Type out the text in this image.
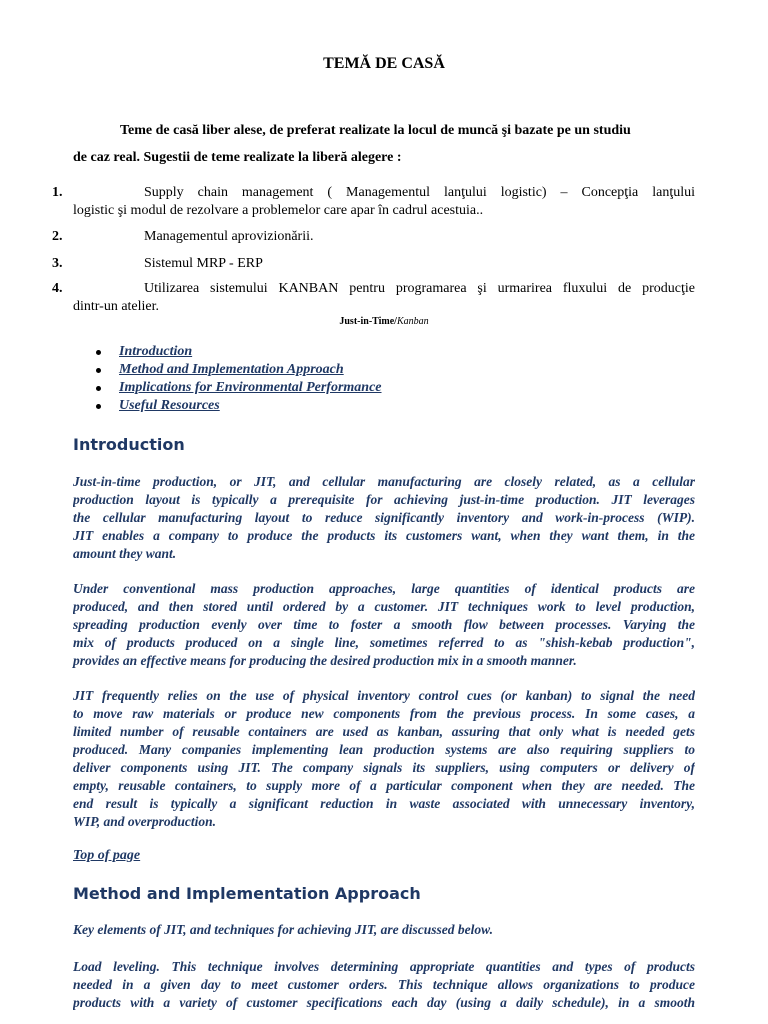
TEMĂ DE CASĂ
Teme de casă liber alese, de preferat realizate la locul de muncă şi bazate pe un studiu
de caz real. Sugestii de teme realizate la liberă alegere :
1.	Supply chain management ( Managementul lanţului logistic) – Concepţia lanţului
logistic şi modul de rezolvare a problemelor care apar în cadrul acestuia..
2.	Managementul aprovizionării.
3.	Sistemul MRP - ERP
4.	Utilizarea sistemului KANBAN pentru programarea şi urmarirea fluxului de producţie
dintr-un atelier.
Just-in-Time/Kanban
Introduction
Method and Implementation Approach
Implications for Environmental Performance
Useful Resources
Introduction
Just-in-time production, or JIT, and cellular manufacturing are closely related, as a cellular
production layout is typically a prerequisite for achieving just-in-time production. JIT leverages
the cellular manufacturing layout to reduce significantly inventory and work-in-process (WIP).
JIT enables a company to produce the products its customers want, when they want them, in the
amount they want.
Under conventional mass production approaches, large quantities of identical products are
produced, and then stored until ordered by a customer. JIT techniques work to level production,
spreading production evenly over time to foster a smooth flow between processes. Varying the
mix of products produced on a single line, sometimes referred to as "shish-kebab production",
provides an effective means for producing the desired production mix in a smooth manner.
JIT frequently relies on the use of physical inventory control cues (or kanban) to signal the need
to move raw materials or produce new components from the previous process. In some cases, a
limited number of reusable containers are used as kanban, assuring that only what is needed gets
produced. Many companies implementing lean production systems are also requiring suppliers to
deliver components using JIT. The company signals its suppliers, using computers or delivery of
empty, reusable containers, to supply more of a particular component when they are needed. The
end result is typically a significant reduction in waste associated with unnecessary inventory,
WIP, and overproduction.
Top of page
Method and Implementation Approach
Key elements of JIT, and techniques for achieving JIT, are discussed below.
Load leveling. This technique involves determining appropriate quantities and types of products
needed in a given day to meet customer orders. This technique allows organizations to produce
products with a variety of customer specifications each day (using a daily schedule), in a smooth
